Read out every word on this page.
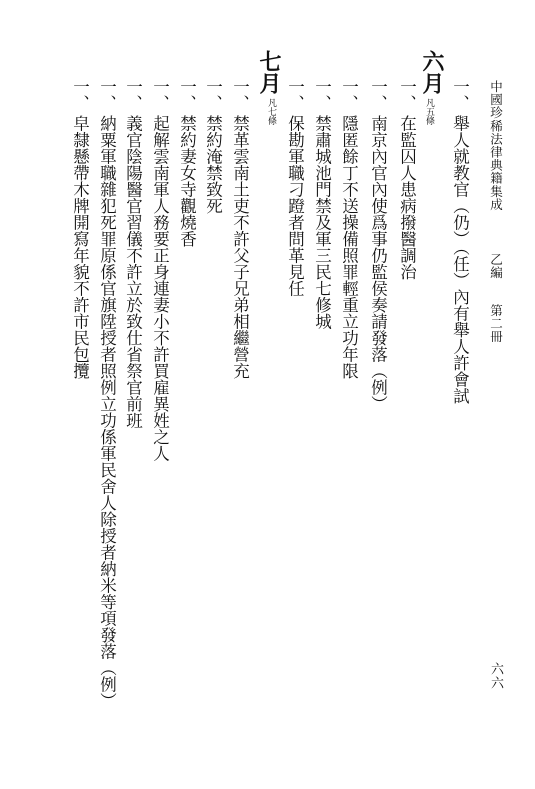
中國珍稀法律典籍集成 乙編 第二冊
六六
一、舉人就教官（仍）（任）內有舉人許會試
六月
凡五條
一、在監囚人患病撥醫調治
一、南京內官內使爲事仍監侯奏請發落（例）
一、隱匿餘丁不送操備照罪輕重立功年限
一、禁肅城池門禁及軍三民七修城
一、保勘軍職刁蹬者問革見任
七月
凡七條
一、禁革雲南土吏不許父子兄弟相繼營充
一、禁約淹禁致死
一、禁約妻女寺觀燒香
一、起解雲南軍人務要正身連妻小不許買雇異姓之人
一、義官陰陽醫官習儀不許立於致仕省祭官前班
一、納粟軍職雜犯死罪原係官旗陞授者照例立功係軍民舍人除授者納米等項發落（例）
一、皁隸懸帶木牌開寫年貌不許市民包攬
